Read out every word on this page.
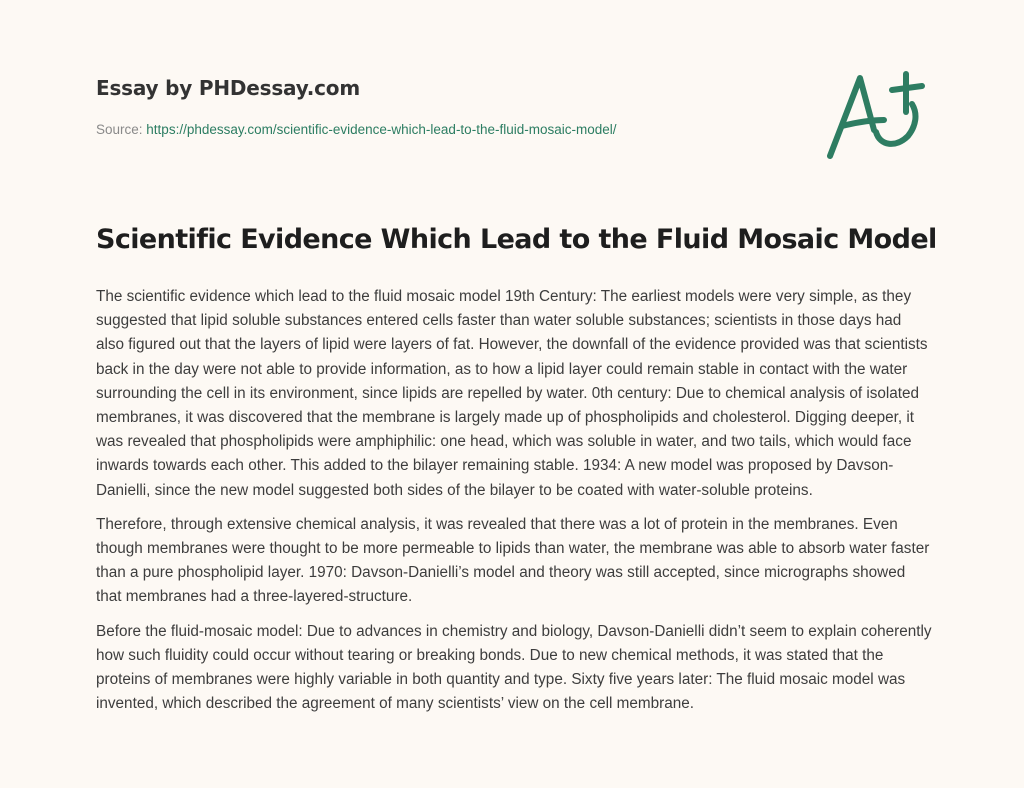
Essay by PHDessay.com
Source: https://phdessay.com/scientific-evidence-which-lead-to-the-fluid-mosaic-model/
Scientific Evidence Which Lead to the Fluid Mosaic Model

The scientific evidence which lead to the fluid mosaic model 19th Century: The earliest models were very simple, as they suggested that lipid soluble substances entered cells faster than water soluble substances; scientists in those days had also figured out that the layers of lipid were layers of fat. However, the downfall of the evidence provided was that scientists back in the day were not able to provide information, as to how a lipid layer could remain stable in contact with the water surrounding the cell in its environment, since lipids are repelled by water. 0th century: Due to chemical analysis of isolated membranes, it was discovered that the membrane is largely made up of phospholipids and cholesterol. Digging deeper, it was revealed that phospholipids were amphiphilic: one head, which was soluble in water, and two tails, which would face inwards towards each other. This added to the bilayer remaining stable. 1934: A new model was proposed by Davson-Danielli, since the new model suggested both sides of the bilayer to be coated with water-soluble proteins.

Therefore, through extensive chemical analysis, it was revealed that there was a lot of protein in the membranes. Even though membranes were thought to be more permeable to lipids than water, the membrane was able to absorb water faster than a pure phospholipid layer. 1970: Davson-Danielli’s model and theory was still accepted, since micrographs showed that membranes had a three-layered-structure.

Before the fluid-mosaic model: Due to advances in chemistry and biology, Davson-Danielli didn’t seem to explain coherently how such fluidity could occur without tearing or breaking bonds. Due to new chemical methods, it was stated that the proteins of membranes were highly variable in both quantity and type. Sixty five years later: The fluid mosaic model was invented, which described the agreement of many scientists’ view on the cell membrane.
